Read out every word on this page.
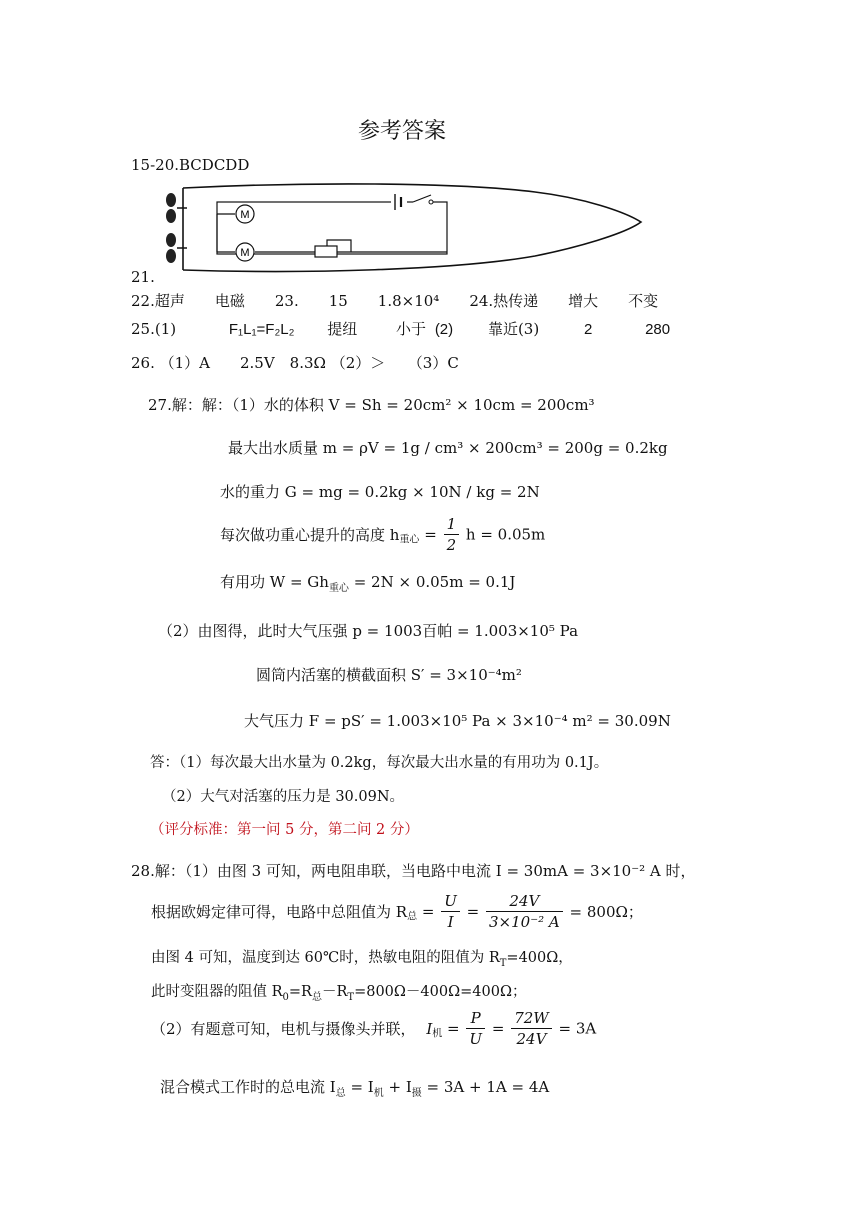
参考答案
15-20.BCDCDD
M
M
21.
22.超声　　电磁　　23.　　15　　1.8×10⁴　　24.热传递　　增大　　不变
25.(1)	F₁L₁=F₂L₂ 提纽	小于 (2) 靠近(3)	2	280
26. （1）A　　2.5V　8.3Ω （2）＞　　（3）C
27.解：解：（1）水的体积 V = Sh = 20cm² × 10cm = 200cm³
最大出水质量 m = ρV = 1g / cm³ × 200cm³ = 200g = 0.2kg
水的重力 G = mg = 0.2kg × 10N / kg = 2N
每次做功重心提升的高度 $h_{重心} = \frac{1}{2}$ h = 0.05m
有用功 $W = Gh_{重心} = 2N \times 0.05m = 0.1J$
（2）由图得，此时大气压强 p = 1003百帕 = 1.003×10⁵ Pa
圆筒内活塞的横截面积 S′ = 3×10⁻⁴m²
大气压力 F = pS′ = 1.003×10⁵ Pa × 3×10⁻⁴ m² = 30.09N
答：（1）每次最大出水量为 0.2kg，每次最大出水量的有用功为 0.1J。
（2）大气对活塞的压力是 30.09N。
（评分标准：第一问 5 分，第二问 2 分）
28.解：（1）由图 3 可知，两电阻串联，当电路中电流 I = 30mA = 3×10⁻² A 时，
根据欧姆定律可得，电路中总阻值为 $R_总 = \frac{U}{I} = \frac{24V}{\text{3×10⁻² A}} = 800\Omega$；
由图 4 可知，温度到达 60℃时，热敏电阻的阻值为 $R_T=400\Omega$，
此时变阻器的阻值 $R_0=R_总-R_T=800\Omega-400\Omega=400\Omega$；
（2）有题意可知，电机与摄像头并联， $I_机 = \frac{P}{U} = \frac{72W}{24V} = 3A$
混合模式工作时的总电流 $I_总 = I_机 + I_摄 = 3A + 1A = 4A$
